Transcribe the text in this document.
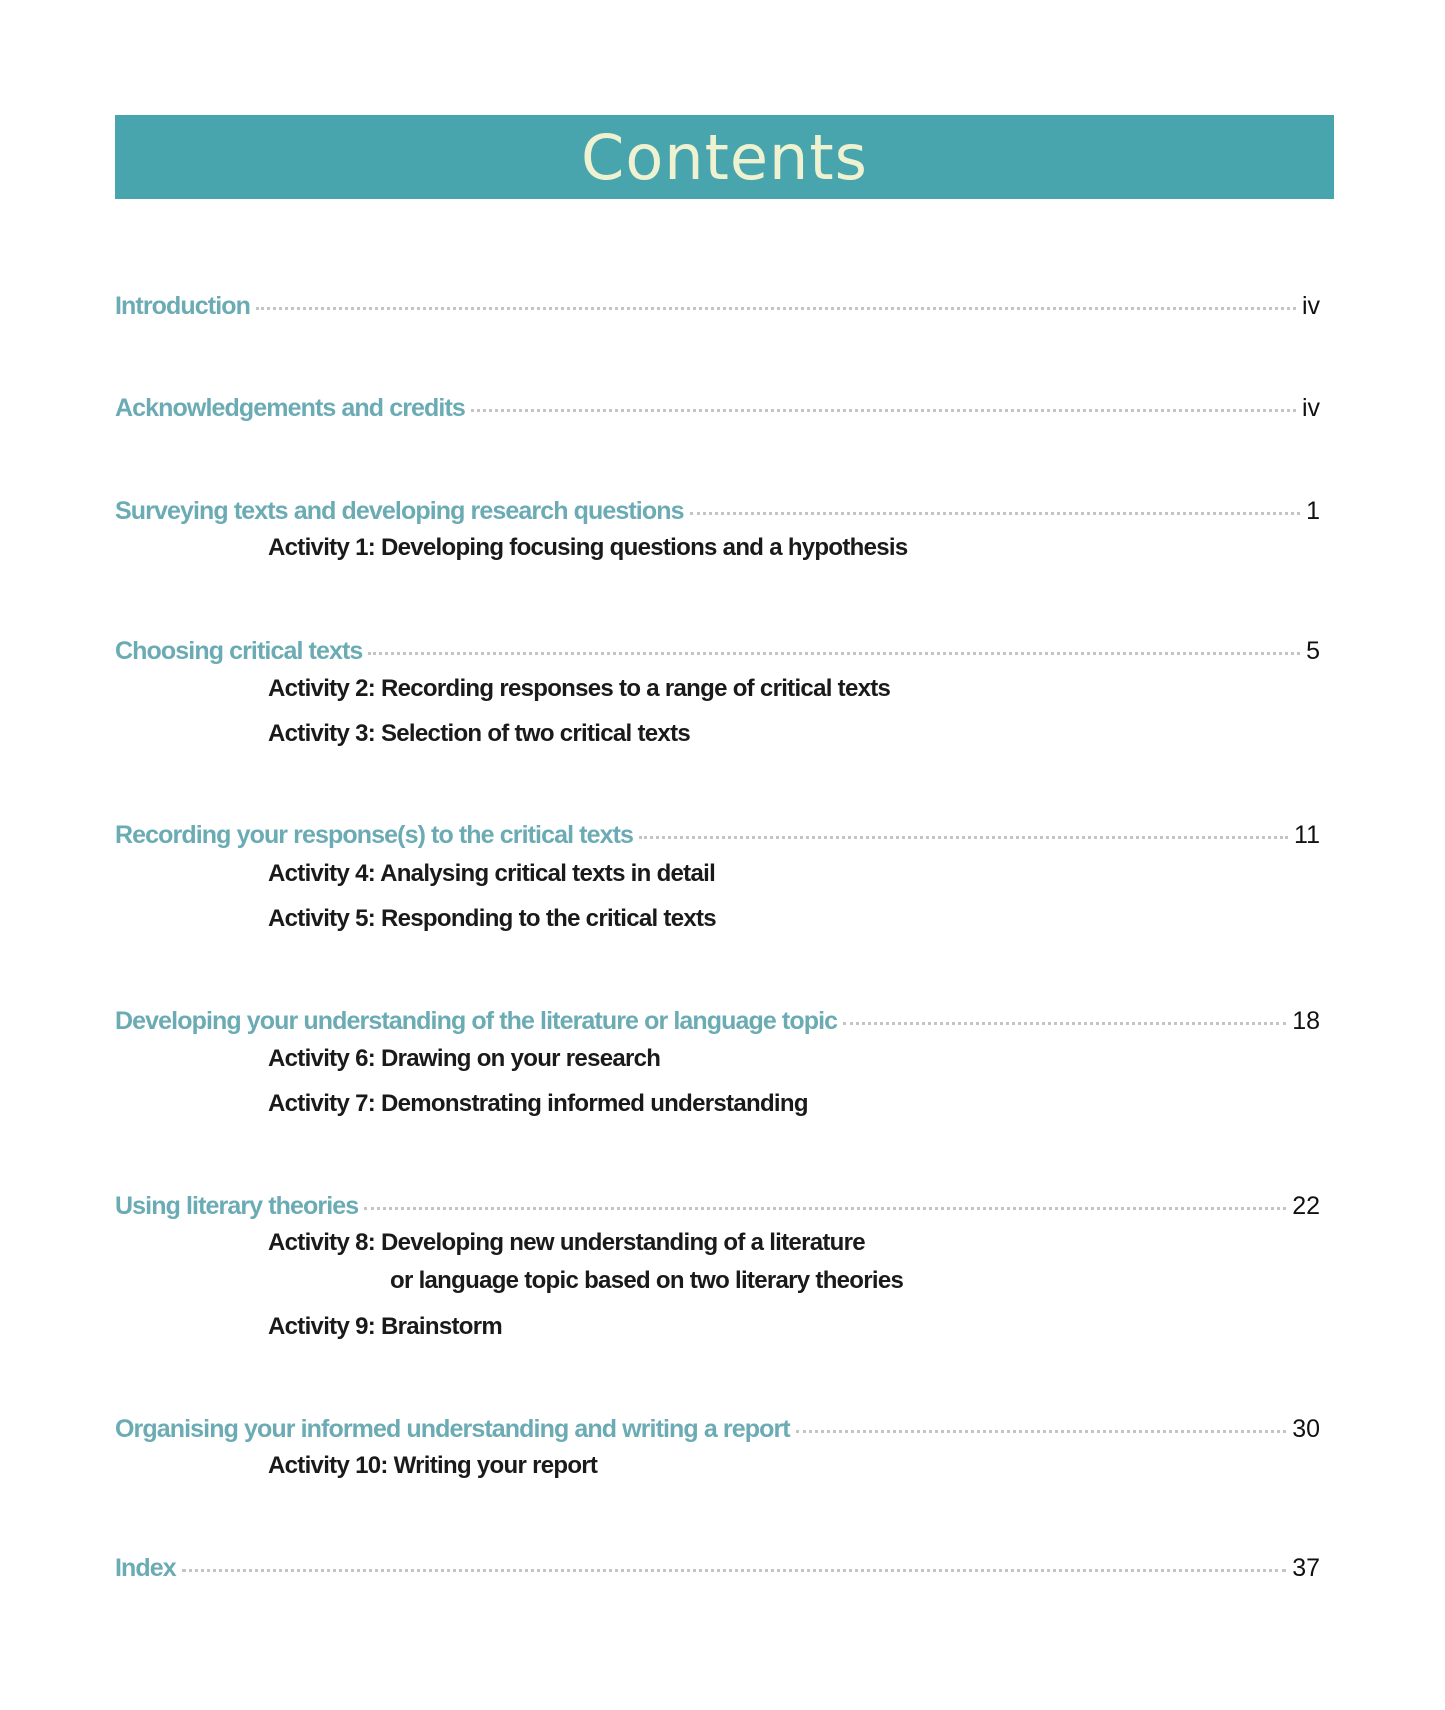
Contents
Introduction	iv
Acknowledgements and credits	iv
Surveying texts and developing research questions	1
Activity 1: Developing focusing questions and a hypothesis
Choosing critical texts	5
Activity 2: Recording responses to a range of critical texts
Activity 3: Selection of two critical texts
Recording your response(s) to the critical texts	11
Activity 4: Analysing critical texts in detail
Activity 5: Responding to the critical texts
Developing your understanding of the literature or language topic	18
Activity 6: Drawing on your research
Activity 7: Demonstrating informed understanding
Using literary theories	22
Activity 8: Developing new understanding of a literature
or language topic based on two literary theories
Activity 9: Brainstorm
Organising your informed understanding and writing a report	30
Activity 10: Writing your report
Index	37
